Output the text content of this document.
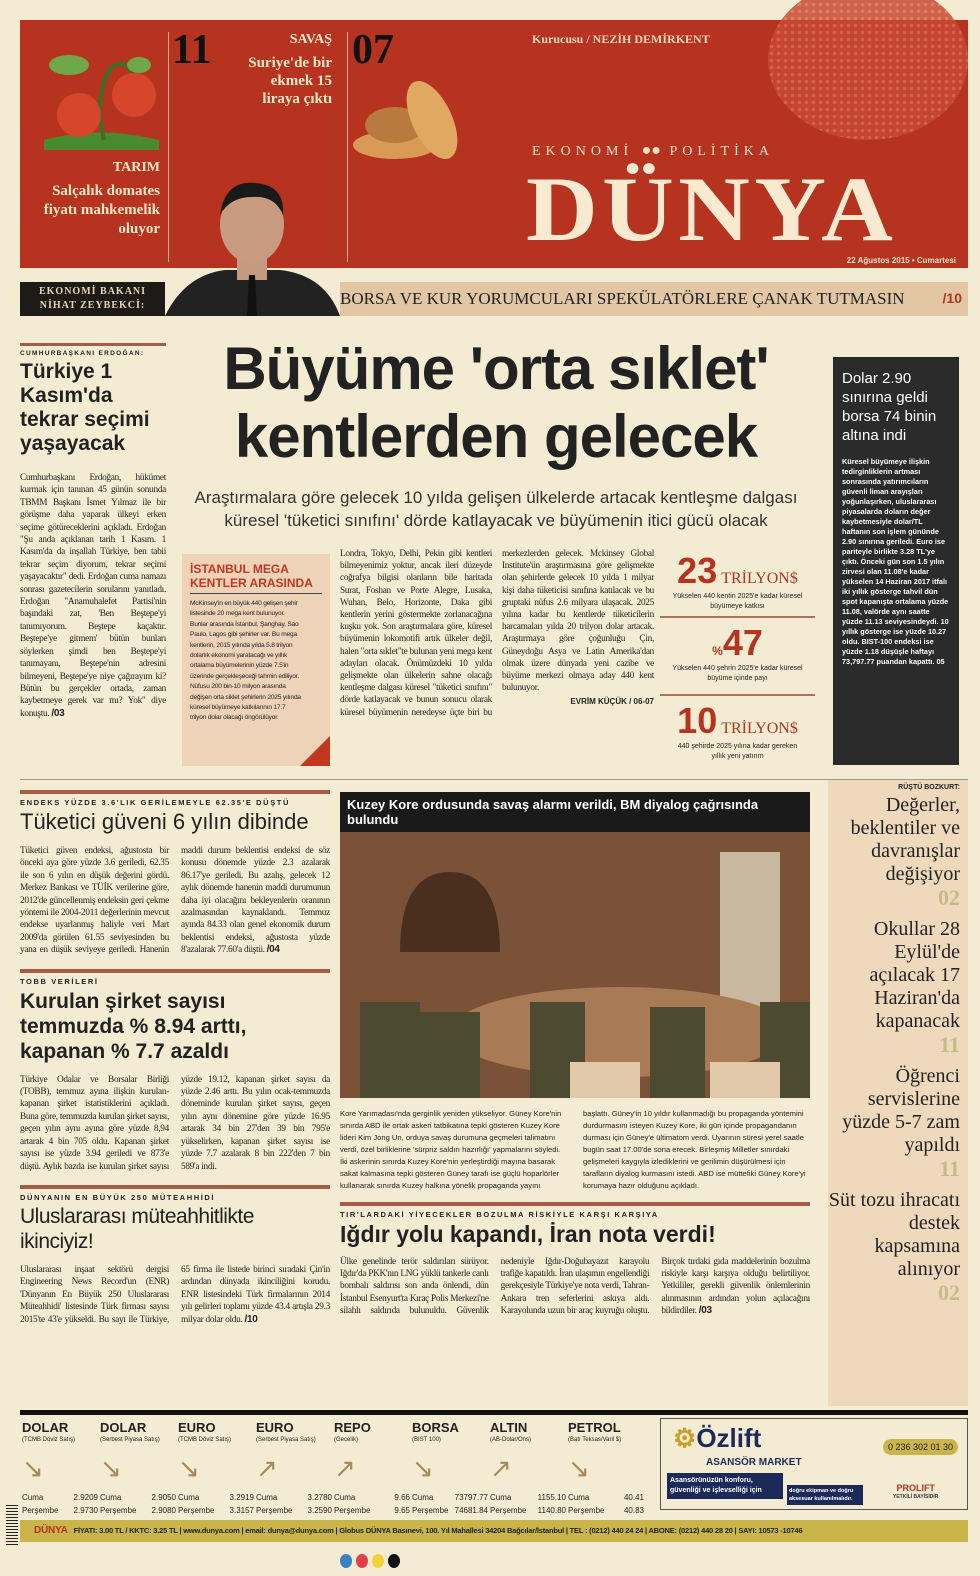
TARIM
Salçalık domates fiyatı mahkemelik oluyor
11	SAVAŞ
Suriye'de bir ekmek 15 liraya çıktı
07	Kurucusu / NEZİH DEMİRKENT
EKONOMİ ●● POLİTİKA
DÜNYA
22 Ağustos 2015 • Cumartesi
EKONOMİ BAKANI NİHAT ZEYBEKCİ:	BORSA VE KUR YORUMCULARI SPEKÜLATÖRLERE ÇANAK TUTMASIN	/10
CUMHURBAŞKANI ERDOĞAN:
Türkiye 1 Kasım'da tekrar seçimi yaşayacak
Cumhurbaşkanı Erdoğan, hükümet kurmak için tanınan 45 günün sonunda TBMM Başkanı İsmet Yılmaz ile bir görüşme daha yaparak ülkeyi erken seçime götüreceklerini açıkladı. Erdoğan "Şu anda açıklanan tarih 1 Kasım. 1 Kasım'da da inşallah Türkiye, ben tabii tekrar seçim diyorum, tekrar seçimi yaşayacaktır" dedi. Erdoğan cuma namazı sonrası gazetecilerin sorularını yanıtladı. Erdoğan "Anamuhalefet Partisi'nin başındaki zat, 'Ben Beştepe'yi tanımıyorum. Beştepe kaçaktır. Beştepe'ye gitmem' bütün bunları söylerken şimdi ben Beştepe'yi tanımayanı, Beştepe'nin adresini bilmeyeni, Beştepe'ye niye çağırayım ki? Bütün bu gerçekler ortada, zaman kaybetmeye gerek var mı? Yok" diye konuştu. /03
Büyüme 'orta sıklet'
kentlerden gelecek
Araştırmalara göre gelecek 10 yılda gelişen ülkelerde artacak kentleşme dalgası küresel 'tüketici sınıfını' dörde katlayacak ve büyümenin itici gücü olacak
İSTANBUL MEGA KENTLER ARASINDA
McKinsey'in en büyük 440 gelişen şehir listesinde 20 mega kent bulunuyor. Bunlar arasında İstanbul, Şanghay, Sao Paulo, Lagos gibi şehirler var. Bu mega kentlerin, 2015 yılında yılda 5.8 trilyon dolarlık ekonomi yaratacağı ve yıllık ortalama büyümelerinin yüzde 7.5'in üzerinde gerçekleşeceği tahmin ediliyor. Nüfusu 200 bin-10 milyon arasında değişen orta siklet şehirlerin 2025 yılında küresel büyümeye katkılarının 17.7 trilyon dolar olacağı öngörülüyor.
Londra, Tokyo, Delhi, Pekin gibi kentleri bilmeyenimiz yoktur, ancak ileri düzeyde coğrafya bilgisi olanların bile haritada Surat, Foshan ve Porte Alegre, Lusaka, Wuhan, Belo, Horizonte, Daka gibi kentlerin yerini göstermekte zorlanacağına kuşku yok. Son araştırmalara göre, küresel büyümenin lokomotifi artık ülkeler değil, halen "orta sıklet"te bulunan yeni mega kent adayları olacak. Önümüzdeki 10 yılda gelişmekte olan ülkelerin sahne olacağı kentleşme dalgası küresel "tüketici sınıfını" dörde katlayacak ve bunun sonucu olarak küresel büyümenin neredeyse üçte biri bu merkezlerden gelecek. Mckinsey Global Institute'ün araştırmasına göre gelişmekte olan şehirlerde gelecek 10 yılda 1 milyar kişi daha tüketicisi sınıfına katılacak ve bu gruptaki nüfus 2.6 milyara ulaşacak. 2025 yılına kadar bu kentlerde tüketicilerin harcamaları yılda 20 trilyon dolar artacak. Araştırmaya göre çoğunluğu Çin, Güneydoğu Asya ve Latin Amerika'dan olmak üzere dünyada yeni cazibe ve büyüme merkezi olmaya aday 440 kent bulunuyor.
EVRİM KÜÇÜK / 06-07
23 TRİLYON$
Yükselen 440 kentin 2025'e kadar küresel büyümeye katkısı
%47
Yükselen 440 şehrin 2025'e kadar küresel büyüme içinde payı
10 TRİLYON$
440 şehirde 2025 yılına kadar gereken yıllık yeni yatırım
Dolar 2.90 sınırına geldi borsa 74 binin altına indi
Küresel büyümeye ilişkin tedirginliklerin artması sonrasında yatırımcıların güvenli liman arayışları yoğunlaşırken, uluslararası piyasalarda doların değer kaybetmesiyle dolar/TL haftanın son işlem gününde 2.90 sınırına geriledi. Euro ise pariteyle birlikte 3.28 TL'ye çıktı. Önceki gün son 1.5 yılın zirvesi olan 11.08'e kadar yükselen 14 Haziran 2017 itfalı iki yıllık gösterge tahvil dün spot kapanışta ortalama yüzde 11.08, valörde aynı saatte yüzde 11.13 seviyesindeydi. 10 yıllık gösterge ise yüzde 10.27 oldu. BIST-100 endeksi ise yüzde 1.18 düşüşle haftayı 73,797.77 puandan kapattı. 05
ENDEKS YÜZDE 3.6'LIK GERİLEMEYLE 62.35'E DÜŞTÜ
Tüketici güveni 6 yılın dibinde
Tüketici güven endeksi, ağustosta bir önceki aya göre yüzde 3.6 geriledi, 62.35 ile son 6 yılın en düşük değerini gördü. Merkez Bankası ve TÜİK verilerine göre, 2012'de güncellenmiş endeksin geri çekme yöntemi ile 2004-2011 değerlerinin mevcut endekse uyarlanmış haliyle veri Mart 2009'da görülen 61.55 seviyesinden bu yana en düşük seviyeye geriledi. Hanenin maddi durum beklentisi endeksi de söz konusu dönemde yüzde 2.3 azalarak 86.17'ye geriledi. Bu azalış, gelecek 12 aylık dönemde hanenin maddi durumunun daha iyi olacağını bekleyenlerin oranının azalmasından kaynaklandı. Temmuz ayında 84.33 olan genel ekonomik durum beklentisi endeksi, ağustosta yüzde 8'azalarak 77.60'a düştü. /04
TOBB VERİLERİ
Kurulan şirket sayısı temmuzda % 8.94 arttı, kapanan % 7.7 azaldı
Türkiye Odalar ve Borsalar Birliği (TOBB), temmuz ayına ilişkin kurulan-kapanan şirket istatistiklerini açıkladı. Buna göre, temmuzda kurulan şirket sayısı, geçen yılın aynı ayına göre yüzde 8,94 artarak 4 bin 705 oldu. Kapanan şirket sayısı ise yüzde 3.94 geriledi ve 873'e düştü. Aylık bazda ise kurulan şirket sayısı yüzde 19.12, kapanan şirket sayısı da yüzde 2.46 arttı. Bu yılın ocak-temmuzda döneminde kurulan şirket sayısı, geçen yılın aynı dönemine göre yüzde 16.95 artarak 34 bin 27'den 39 bin 795'e yükselirken, kapanan şirket sayısı ise yüzde 7.7 azalarak 8 bin 222'den 7 bin 589'a indi.
DÜNYANIN EN BÜYÜK 250 MÜTEAHHİDİ
Uluslararası müteahhitlikte ikinciyiz!
Uluslararası inşaat sektörü dergisi Engineering News Record'un (ENR) 'Dünyanın En Büyük 250 Uluslararası Müteahhidi' listesinde Türk firması sayısı 2015'te 43'e yükseldi. Bu sayı ile Türkiye, 65 firma ile listede birinci sıradaki Çin'in ardından dünyada ikinciliğini korudu. ENR listesindeki Türk firmalarının 2014 yılı gelirleri toplamı yüzde 43.4 artışla 29.3 milyar dolar oldu. /10
Kuzey Kore ordusunda savaş alarmı verildi, BM diyalog çağrısında bulundu
Kore Yarımadası'nda gerginlik yeniden yükseliyor. Güney Kore'nin sınırda ABD ile ortak askeri tatbikatına tepki gösteren Kuzey Kore lideri Kim Jong Un, orduya savaş durumuna geçmeleri talimatını verdi, özel birliklerine 'sürpriz saldırı hazırlığı' yapmalarını söyledi. İki askerinin sınırda Kuzey Kore'nin yerleştirdiği mayına basarak sakat kalmasına tepki gösteren Güney tarafı ise güçlü hoparlörler kullanarak sınırda Kuzey halkına yönelik propaganda yayını başlattı. Güney'in 10 yıldır kullanmadığı bu propaganda yöntemini durdurmasını isteyen Kuzey Kore, iki gün içinde propagandanın durması için Güney'e ültimatom verdi. Uyarının süresi yerel saatle bugün saat 17.00'de sona erecek. Birleşmiş Milletler sınırdaki gelişmeleri kaygıyla izlediklerini ve gerilimin düşürülmesi için tarafların diyalog kurmasını istedi. ABD ise müttefiki Güney Kore'yi korumaya hazır olduğunu açıkladı.
TIR'LARDAKİ YİYECEKLER BOZULMA RİSKİYLE KARŞI KARŞIYA
Iğdır yolu kapandı, İran nota verdi!
Ülke genelinde terör saldırıları sürüyor. Iğdır'da PKK'nın LNG yüklü tankerle canlı bombalı saldırısı son anda önlendi, dün İstanbul Esenyurt'ta Kıraç Polis Merkezi'ne silahlı saldırıda bulunuldu. Güvenlik nedeniyle Iğdır-Doğubayazıt karayolu trafiğe kapatıldı. İran ulaşımın engellendiği gerekçesiyle Türkiye'ye nota verdi, Tahran-Ankara tren seferlerini askıya aldı. Karayolunda uzun bir araç kuyruğu oluştu. Birçok tırdaki gıda maddelerinin bozulma riskiyle karşı karşıya olduğu belirtiliyor. Yetkililer, gerekli güvenlik önlemlerinin alınmasının ardından yolun açılacağını bildirdiler. /03
RÜŞTÜ BOZKURT:
Değerler, beklentiler ve davranışlar değişiyor
02
Okullar 28 Eylül'de açılacak 17 Haziran'da kapanacak
11
Öğrenci servislerine yüzde 5-7 zam yapıldı
11
Süt tozu ihracatı destek kapsamına alınıyor
02
DOLAR
(TCMB Döviz Satış)
↘
Cuma	2.9209
Perşembe 2.9730
DOLAR
(Serbest Piyasa Satış)
↘
Cuma	2.9050
Perşembe 2.9080
EURO
(TCMB Döviz Satış)
↘
Cuma	3.2919
Perşembe 3.3157
EURO
(Serbest Piyasa Satış)
↗
Cuma	3.2780
Perşembe 3.2590
REPO
(Gecelik)
↗
Cuma	9.66
Perşembe	9.65
BORSA
(BIST 100)
↘
Cuma	73797.77
Perşembe 74681.84
ALTIN
(AB-Dolar/Ons)
↗
Cuma	1155.10
Perşembe 1140.80
PETROL
(Batı Teksas/Varil $)
↘
Cuma	40.41
Perşembe 40.83
⚙Özlift
ASANSÖR MARKET
Asansörünüzün konforu, güvenliği ve işlevselliği için	doğru ekipman ve doğru aksesuar kullanılmalıdır.
0 236 302 01 30
PROLIFT
YETKİLİ BAYİSİDİR
DÜNYA FİYATI: 3.00 TL / KKTC: 3.25 TL | www.dunya.com | email: dunya@dunya.com | Globus DÜNYA Basınevi, 100. Yıl Mahallesi 34204 Bağcılar/İstanbul | TEL : (0212) 440 24 24 | ABONE: (0212) 440 28 20 | SAYI: 10573 -10746
